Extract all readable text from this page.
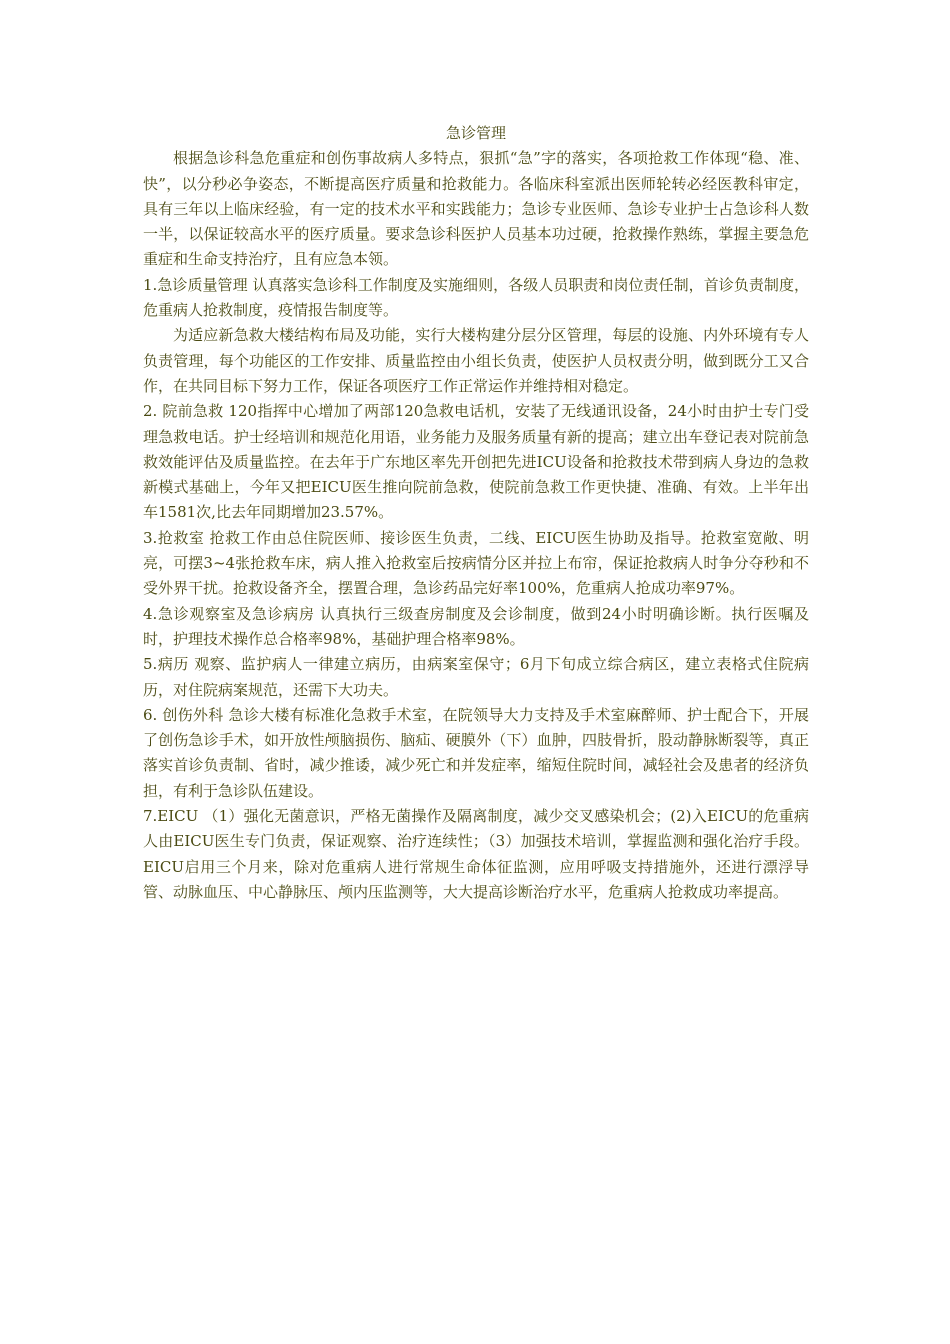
急诊管理

根据急诊科急危重症和创伤事故病人多特点，狠抓“急”字的落实，各项抢救工作体现“稳、准、快”，以分秒必争姿态，不断提高医疗质量和抢救能力。各临床科室派出医师轮转必经医教科审定，具有三年以上临床经验，有一定的技术水平和实践能力；急诊专业医师、急诊专业护士占急诊科人数一半，以保证较高水平的医疗质量。要求急诊科医护人员基本功过硬，抢救操作熟练，掌握主要急危重症和生命支持治疗，且有应急本领。

1.急诊质量管理 认真落实急诊科工作制度及实施细则，各级人员职责和岗位责任制，首诊负责制度，危重病人抢救制度，疫情报告制度等。

为适应新急救大楼结构布局及功能，实行大楼构建分层分区管理，每层的设施、内外环境有专人负责管理，每个功能区的工作安排、质量监控由小组长负责，使医护人员权责分明，做到既分工又合作，在共同目标下努力工作，保证各项医疗工作正常运作并维持相对稳定。

2. 院前急救 120指挥中心增加了两部120急救电话机，安装了无线通讯设备，24小时由护士专门受理急救电话。护士经培训和规范化用语，业务能力及服务质量有新的提高；建立出车登记表对院前急救效能评估及质量监控。在去年于广东地区率先开创把先进ICU设备和抢救技术带到病人身边的急救新模式基础上，今年又把EICU医生推向院前急救，使院前急救工作更快捷、准确、有效。上半年出车1581次,比去年同期增加23.57%。

3.抢救室 抢救工作由总住院医师、接诊医生负责，二线、EICU医生协助及指导。抢救室宽敞、明亮，可摆3~4张抢救车床，病人推入抢救室后按病情分区并拉上布帘，保证抢救病人时争分夺秒和不受外界干扰。抢救设备齐全，摆置合理，急诊药品完好率100%，危重病人抢成功率97%。

4.急诊观察室及急诊病房 认真执行三级查房制度及会诊制度，做到24小时明确诊断。执行医嘱及时，护理技术操作总合格率98%，基础护理合格率98%。

5.病历 观察、监护病人一律建立病历，由病案室保守；6月下旬成立综合病区，建立表格式住院病历，对住院病案规范，还需下大功夫。

6. 创伤外科 急诊大楼有标准化急救手术室，在院领导大力支持及手术室麻醉师、护士配合下，开展了创伤急诊手术，如开放性颅脑损伤、脑疝、硬膜外（下）血肿，四肢骨折，股动静脉断裂等，真正落实首诊负责制、省时，减少推诿，减少死亡和并发症率，缩短住院时间，减轻社会及患者的经济负担，有利于急诊队伍建设。

7.EICU （1）强化无菌意识，严格无菌操作及隔离制度，减少交叉感染机会；(2)入EICU的危重病人由EICU医生专门负责，保证观察、治疗连续性；（3）加强技术培训，掌握监测和强化治疗手段。EICU启用三个月来，除对危重病人进行常规生命体征监测，应用呼吸支持措施外，还进行漂浮导管、动脉血压、中心静脉压、颅内压监测等，大大提高诊断治疗水平，危重病人抢救成功率提高。
